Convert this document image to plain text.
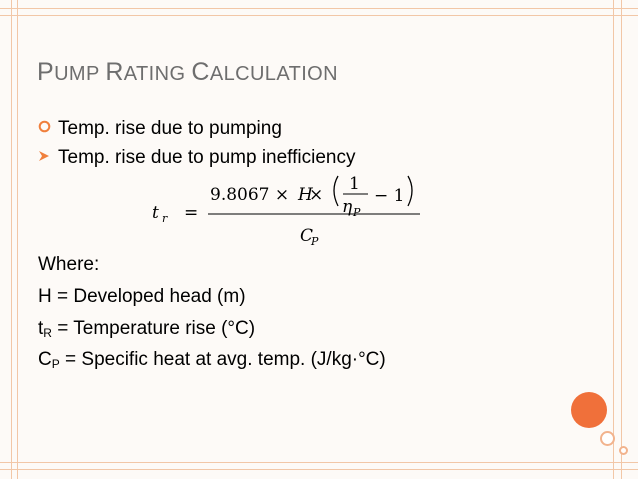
PUMP RATING CALCULATION
Temp. rise due to pumping
Temp. rise due to pump inefficiency
t r =
9.8067 × H
×
1
η P
− 1
C
P
Where:
H = Developed head (m)
$t_R$ = Temperature rise (°C)
$C_P$ = Specific heat at avg. temp. (J/kg·°C)
